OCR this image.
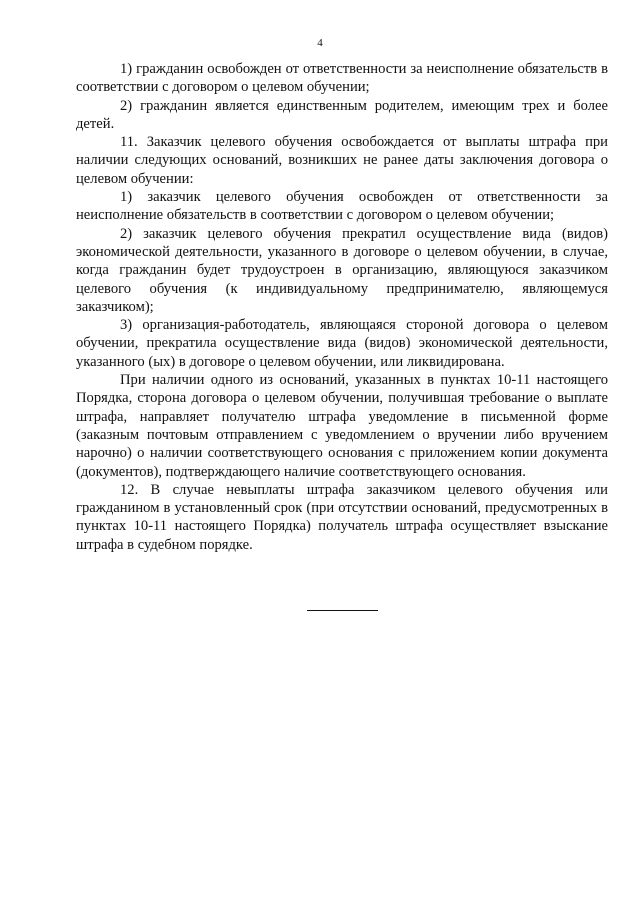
4

1) гражданин освобожден от ответственности за неисполнение обязательств в соответствии с договором о целевом обучении;

2) гражданин является единственным родителем, имеющим трех и более детей.

11. Заказчик целевого обучения освобождается от выплаты штрафа при наличии следующих оснований, возникших не ранее даты заключения договора о целевом обучении:

1) заказчик целевого обучения освобожден от ответственности за неисполнение обязательств в соответствии с договором о целевом обучении;

2) заказчик целевого обучения прекратил осуществление вида (видов) экономической деятельности, указанного в договоре о целевом обучении, в случае, когда гражданин будет трудоустроен в организацию, являющуюся заказчиком целевого обучения (к индивидуальному предпринимателю, являющемуся заказчиком);

3) организация-работодатель, являющаяся стороной договора о целевом обучении, прекратила осуществление вида (видов) экономической деятельности, указанного (ых) в договоре о целевом обучении, или ликвидирована.

При наличии одного из оснований, указанных в пунктах 10-11 настоящего Порядка, сторона договора о целевом обучении, получившая требование о выплате штрафа, направляет получателю штрафа уведомление в письменной форме (заказным почтовым отправлением с уведомлением о вручении либо вручением нарочно) о наличии соответствующего основания с приложением копии документа (документов), подтверждающего наличие соответствующего основания.

12. В случае невыплаты штрафа заказчиком целевого обучения или гражданином в установленный срок (при отсутствии оснований, предусмотренных в пунктах 10-11 настоящего Порядка) получатель штрафа осуществляет взыскание штрафа в судебном порядке.
